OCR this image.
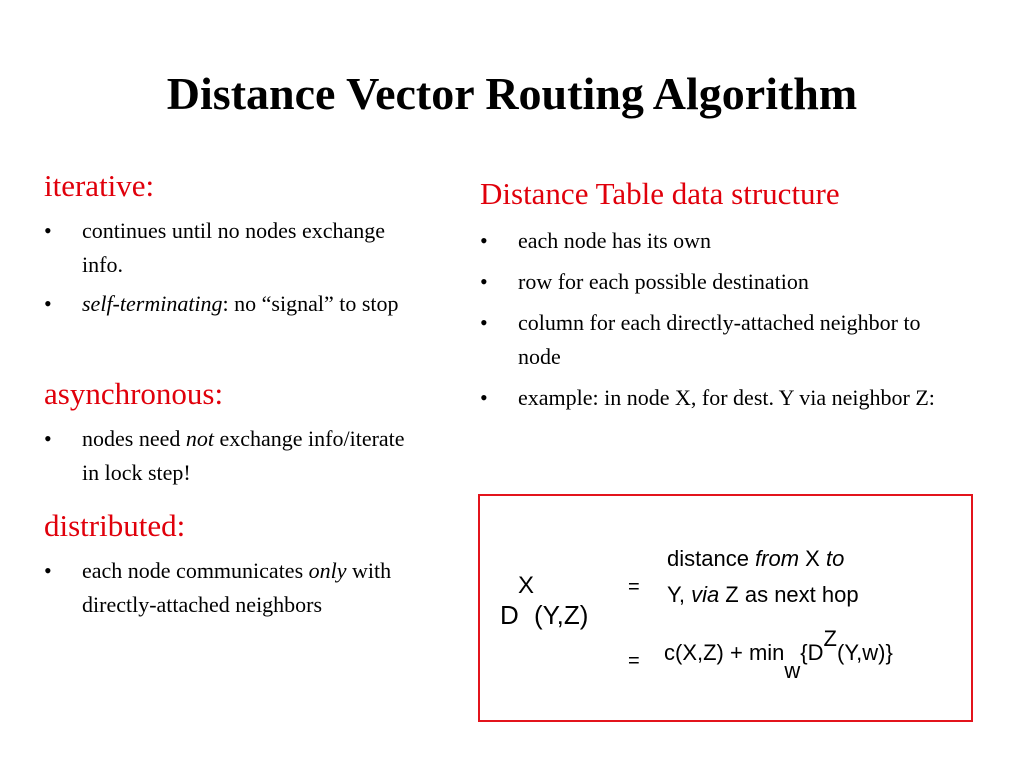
Distance Vector Routing Algorithm
iterative:
• continues until no nodes exchange info.
• self-terminating: no “signal” to stop
asynchronous:
• nodes need not exchange info/iterate in lock step!
distributed:
• each node communicates only with directly-attached neighbors
Distance Table data structure
• each node has its own
• row for each possible destination
• column for each directly-attached neighbor to node
• example: in node X, for dest. Y via neighbor Z:
X
D (Y,Z)
=
=
distance from X to
Y, via Z as next hop
c(X,Z) + minw{DZ(Y,w)}
